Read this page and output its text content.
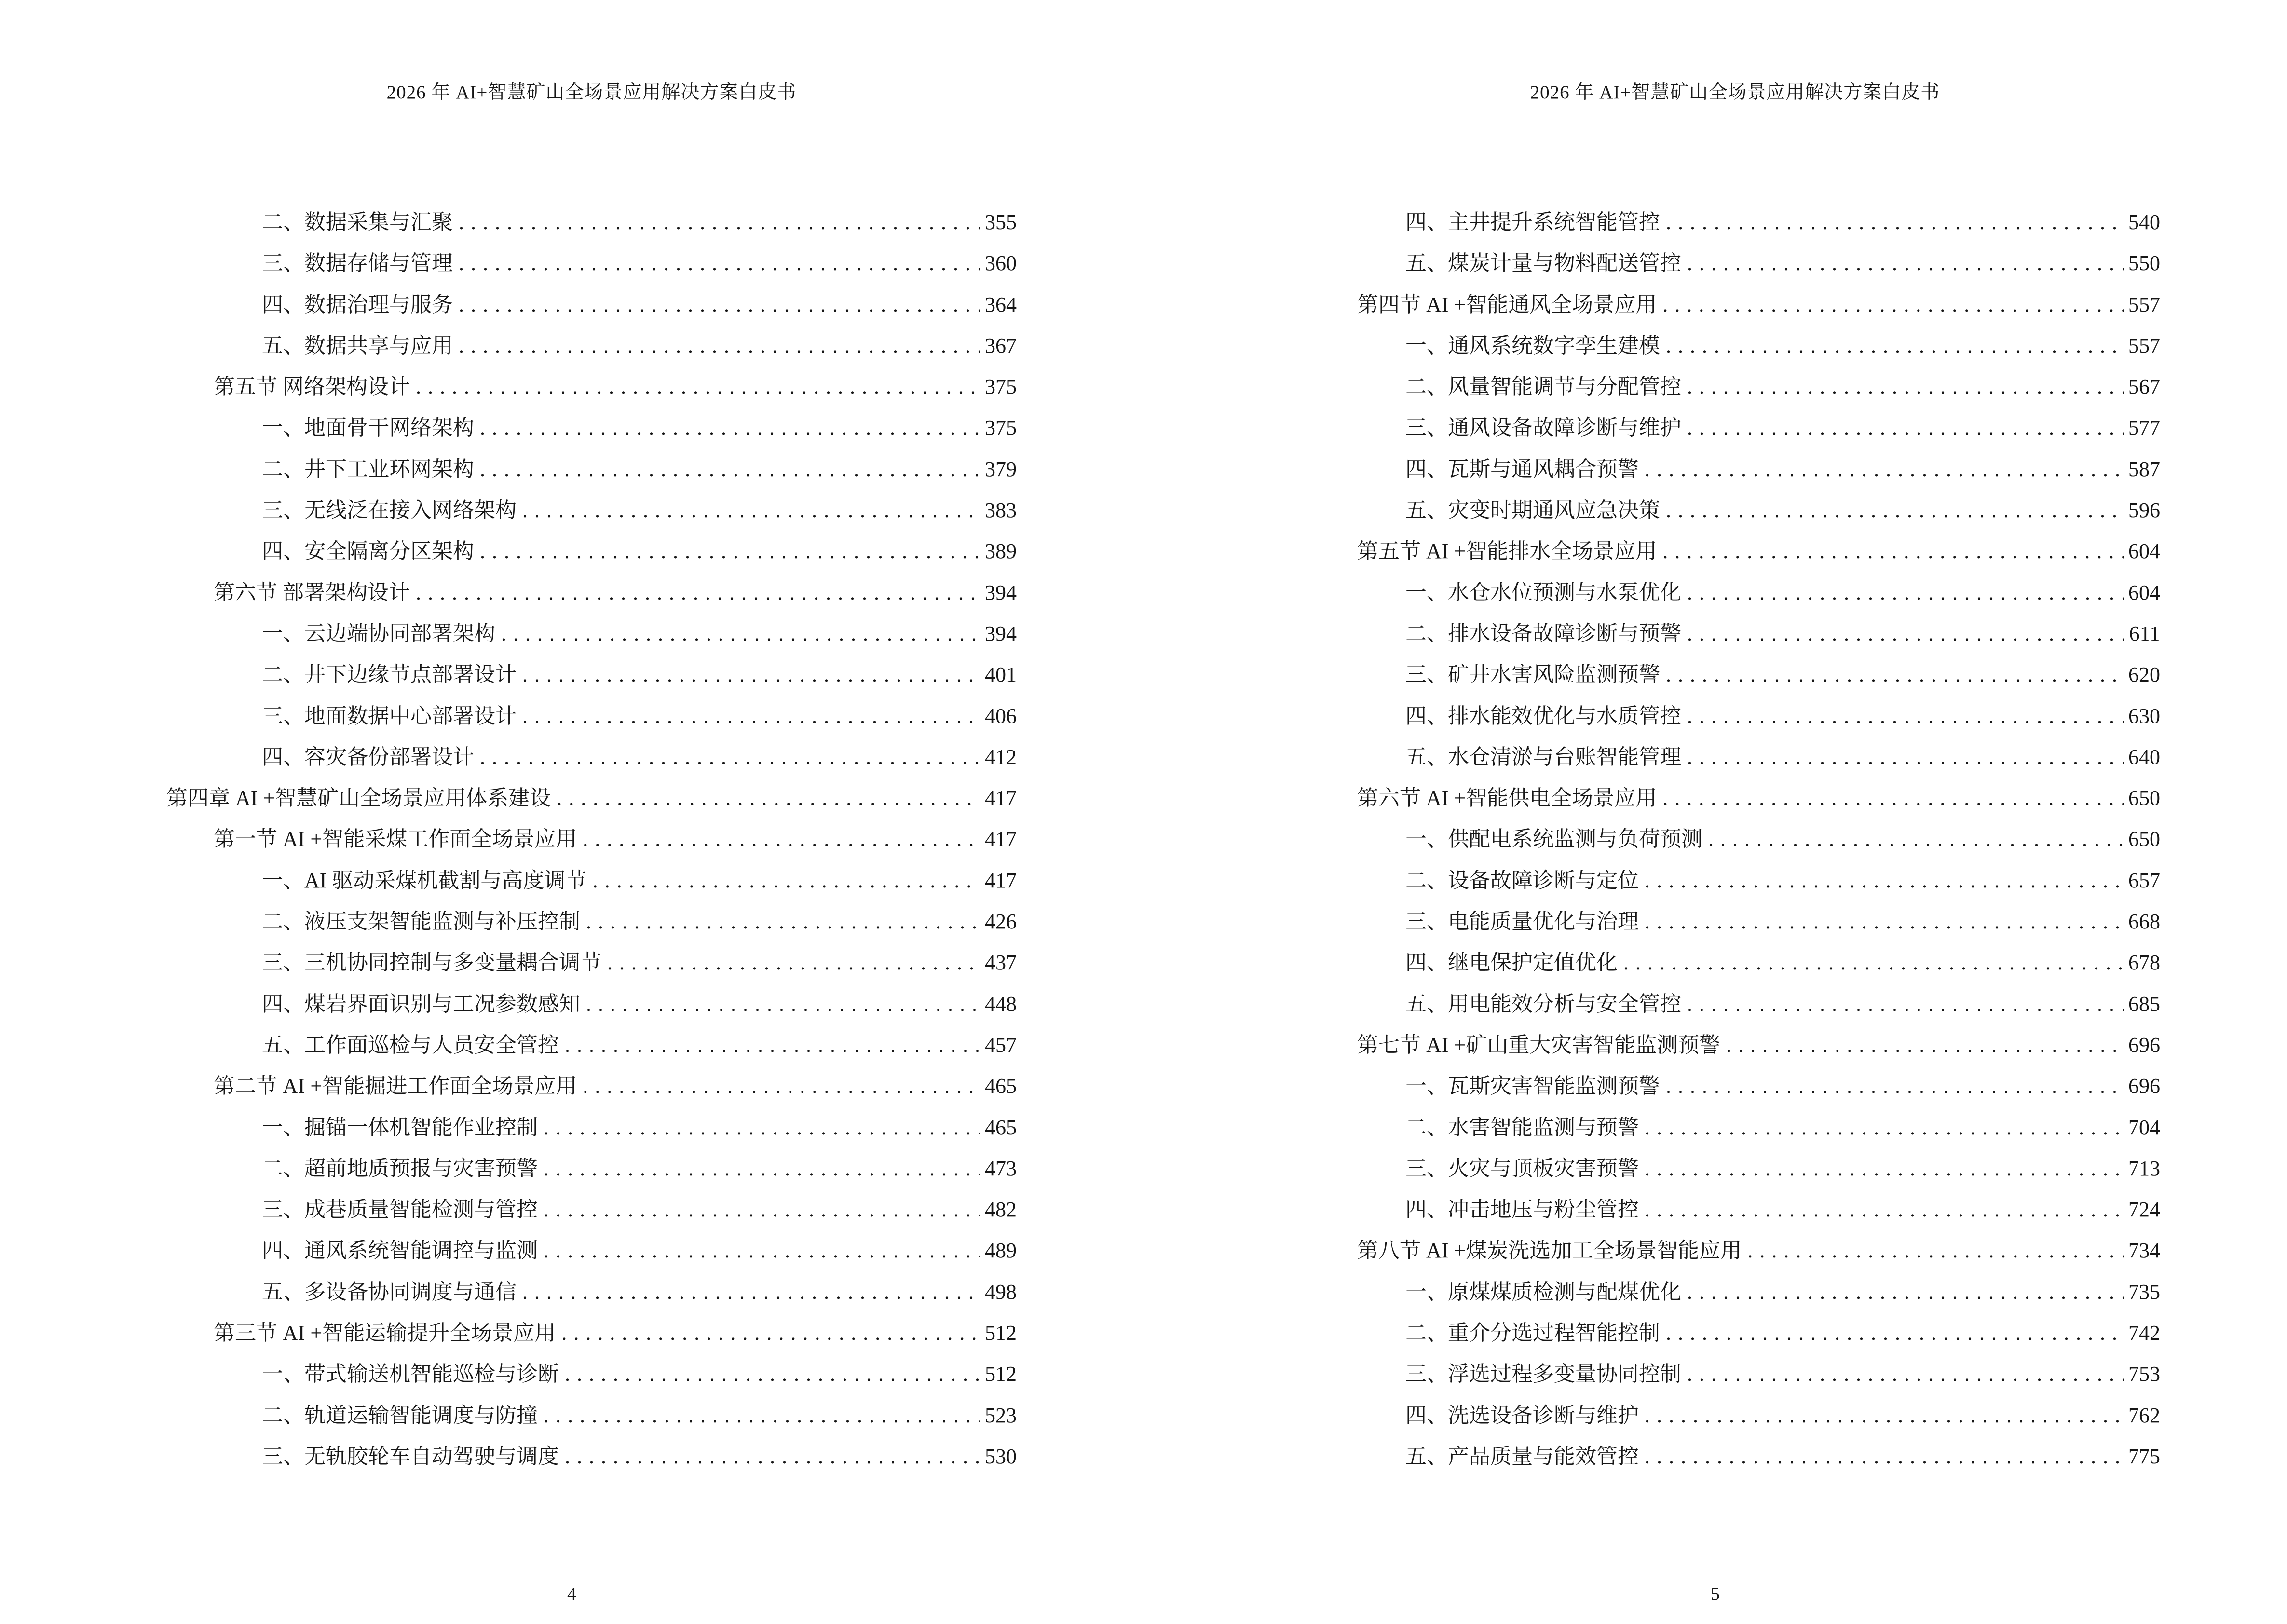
2026 年 AI+智慧矿山全场景应用解决方案白皮书
二、数据采集与汇聚 .....	355
三、数据存储与管理 .....	360
四、数据治理与服务 .....	364
五、数据共享与应用 .....	367
第五节 网络架构设计 .....	375
一、地面骨干网络架构 .....	375
二、井下工业环网架构 .....	379
三、无线泛在接入网络架构 .....	383
四、安全隔离分区架构 .....	389
第六节 部署架构设计 .....	394
一、云边端协同部署架构 .....	394
二、井下边缘节点部署设计 .....	401
三、地面数据中心部署设计 .....	406
四、容灾备份部署设计 .....	412
第四章 AI +智慧矿山全场景应用体系建设 .....	417
第一节 AI +智能采煤工作面全场景应用 .....	417
一、AI 驱动采煤机截割与高度调节 .....	417
二、液压支架智能监测与补压控制 .....	426
三、三机协同控制与多变量耦合调节 .....	437
四、煤岩界面识别与工况参数感知 .....	448
五、工作面巡检与人员安全管控 .....	457
第二节 AI +智能掘进工作面全场景应用 .....	465
一、掘锚一体机智能作业控制 .....	465
二、超前地质预报与灾害预警 .....	473
三、成巷质量智能检测与管控 .....	482
四、通风系统智能调控与监测 .....	489
五、多设备协同调度与通信 .....	498
第三节 AI +智能运输提升全场景应用 .....	512
一、带式输送机智能巡检与诊断 .....	512
二、轨道运输智能调度与防撞 .....	523
三、无轨胶轮车自动驾驶与调度 .....	530
4
2026 年 AI+智慧矿山全场景应用解决方案白皮书
四、主井提升系统智能管控 .....	540
五、煤炭计量与物料配送管控 .....	550
第四节 AI +智能通风全场景应用 .....	557
一、通风系统数字孪生建模 .....	557
二、风量智能调节与分配管控 .....	567
三、通风设备故障诊断与维护 .....	577
四、瓦斯与通风耦合预警 .....	587
五、灾变时期通风应急决策 .....	596
第五节 AI +智能排水全场景应用 .....	604
一、水仓水位预测与水泵优化 .....	604
二、排水设备故障诊断与预警 .....	611
三、矿井水害风险监测预警 .....	620
四、排水能效优化与水质管控 .....	630
五、水仓清淤与台账智能管理 .....	640
第六节 AI +智能供电全场景应用 .....	650
一、供配电系统监测与负荷预测 .....	650
二、设备故障诊断与定位 .....	657
三、电能质量优化与治理 .....	668
四、继电保护定值优化 .....	678
五、用电能效分析与安全管控 .....	685
第七节 AI +矿山重大灾害智能监测预警 .....	696
一、瓦斯灾害智能监测预警 .....	696
二、水害智能监测与预警 .....	704
三、火灾与顶板灾害预警 .....	713
四、冲击地压与粉尘管控 .....	724
第八节 AI +煤炭洗选加工全场景智能应用 .....	734
一、原煤煤质检测与配煤优化 .....	735
二、重介分选过程智能控制 .....	742
三、浮选过程多变量协同控制 .....	753
四、洗选设备诊断与维护 .....	762
五、产品质量与能效管控 .....	775
5
